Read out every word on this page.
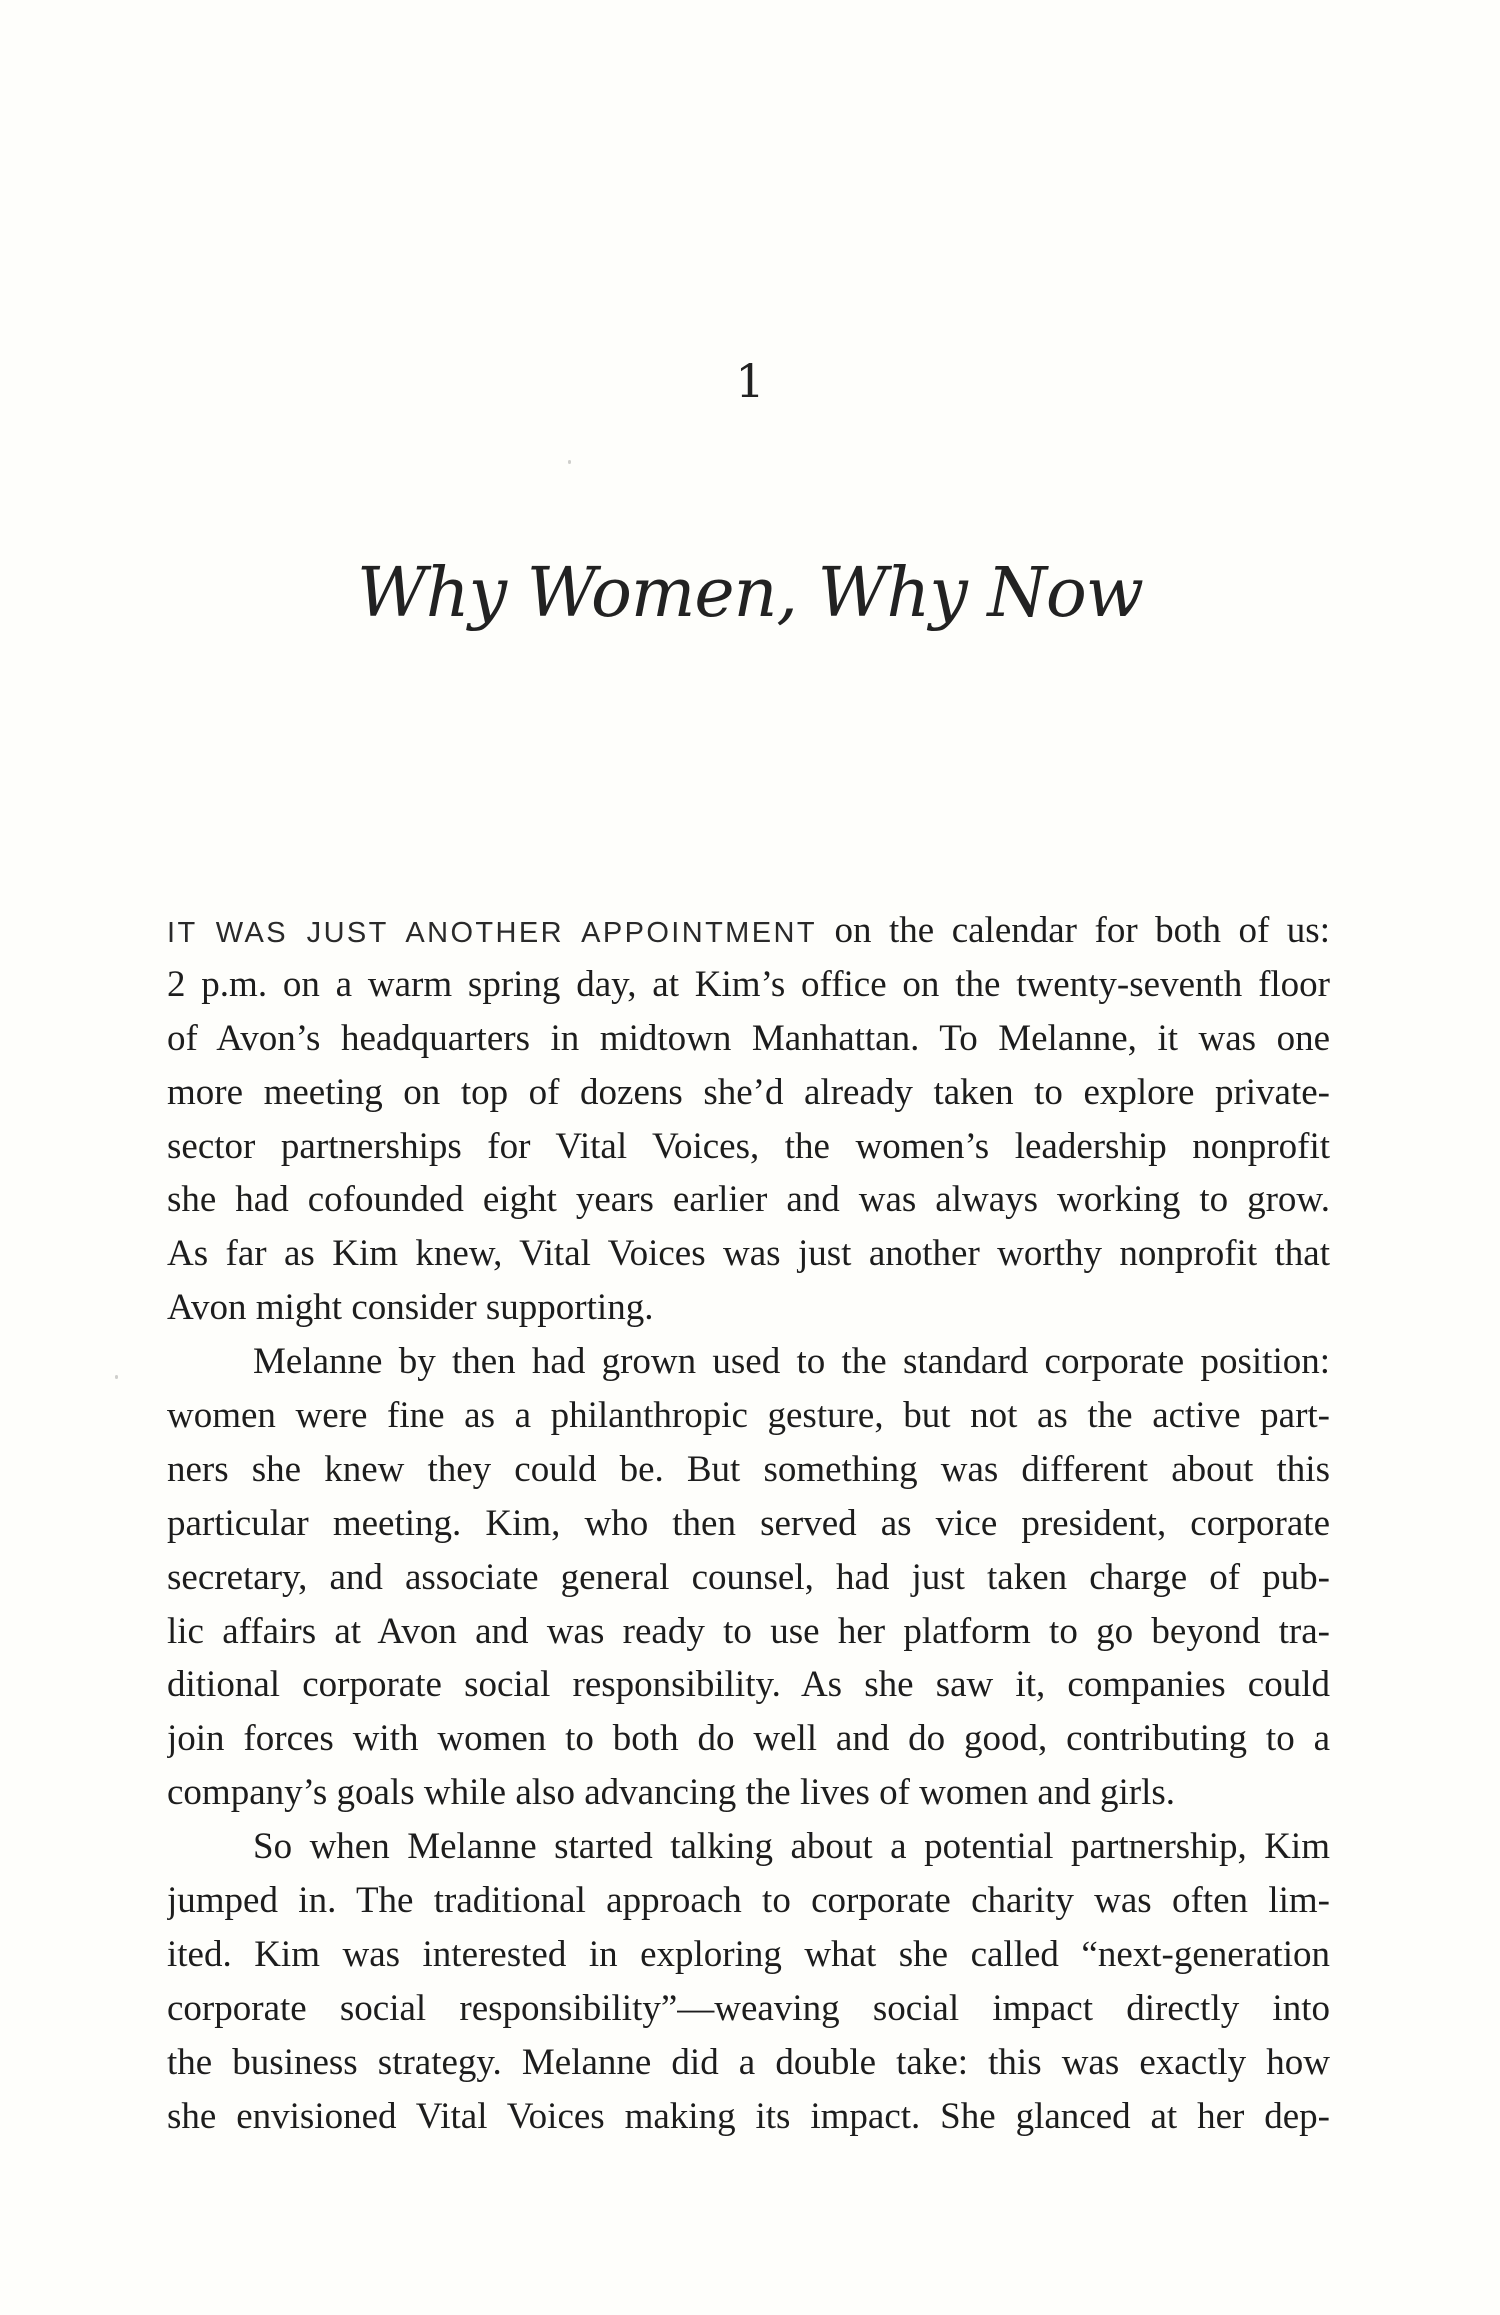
1
Why Women, Why Now
IT WAS JUST ANOTHER APPOINTMENT on the calendar for both of us:
2 p.m. on a warm spring day, at Kim’s office on the twenty-seventh floor
of Avon’s headquarters in midtown Manhattan. To Melanne, it was one
more meeting on top of dozens she’d already taken to explore private-
sector partnerships for Vital Voices, the women’s leadership nonprofit
she had cofounded eight years earlier and was always working to grow.
As far as Kim knew, Vital Voices was just another worthy nonprofit that
Avon might consider supporting.
Melanne by then had grown used to the standard corporate position:
women were fine as a philanthropic gesture, but not as the active part-
ners she knew they could be. But something was different about this
particular meeting. Kim, who then served as vice president, corporate
secretary, and associate general counsel, had just taken charge of pub-
lic affairs at Avon and was ready to use her platform to go beyond tra-
ditional corporate social responsibility. As she saw it, companies could
join forces with women to both do well and do good, contributing to a
company’s goals while also advancing the lives of women and girls.
So when Melanne started talking about a potential partnership, Kim
jumped in. The traditional approach to corporate charity was often lim-
ited. Kim was interested in exploring what she called “next-generation
corporate social responsibility”—weaving social impact directly into
the business strategy. Melanne did a double take: this was exactly how
she envisioned Vital Voices making its impact. She glanced at her dep-
